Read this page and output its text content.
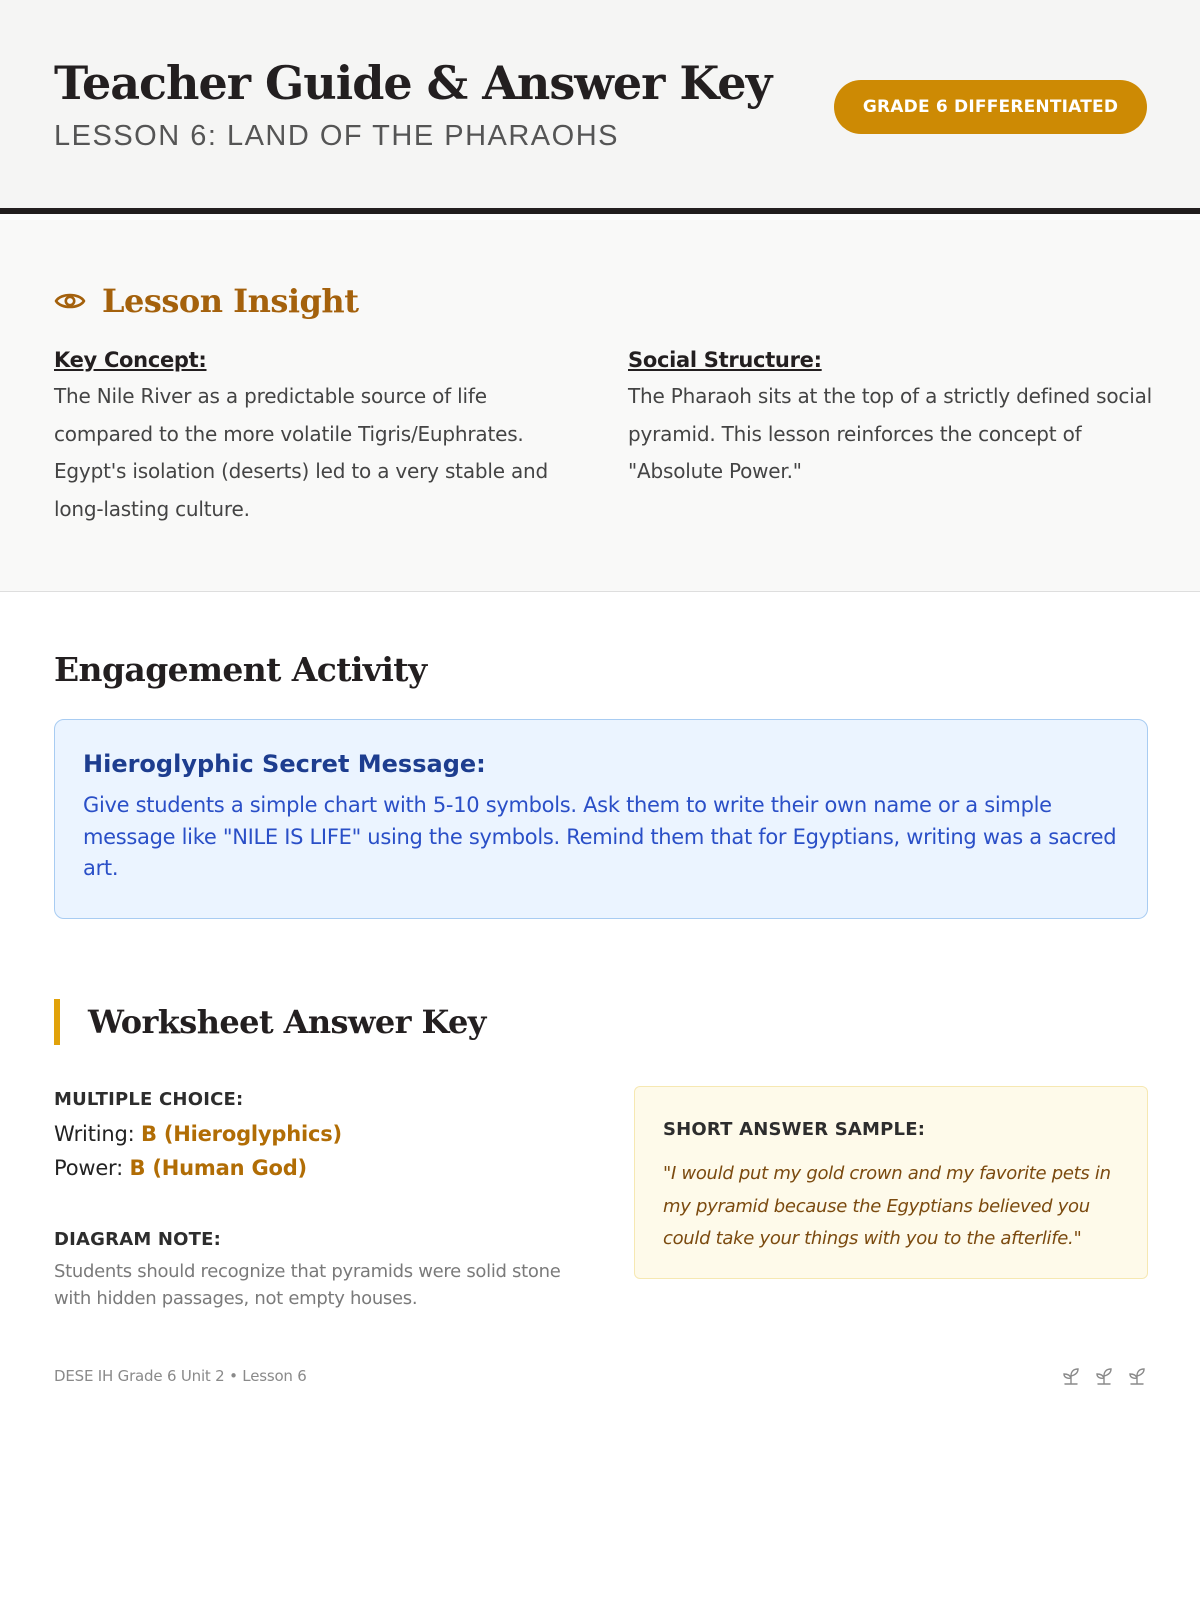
Teacher Guide & Answer Key
LESSON 6: LAND OF THE PHARAOHS
GRADE 6 DIFFERENTIATED
Lesson Insight
Key Concept:

The Nile River as a predictable source of life compared to the more volatile Tigris/Euphrates. Egypt's isolation (deserts) led to a very stable and long-lasting culture.

Social Structure:

The Pharaoh sits at the top of a strictly defined social pyramid. This lesson reinforces the concept of "Absolute Power."

Engagement Activity
Hieroglyphic Secret Message:

Give students a simple chart with 5-10 symbols. Ask them to write their own name or a simple message like "NILE IS LIFE" using the symbols. Remind them that for Egyptians, writing was a sacred art.

Worksheet Answer Key
MULTIPLE CHOICE:
Writing: B (Hieroglyphics)
Power: B (Human God)
DIAGRAM NOTE:

Students should recognize that pyramids were solid stone with hidden passages, not empty houses.

SHORT ANSWER SAMPLE:

"I would put my gold crown and my favorite pets in my pyramid because the Egyptians believed you could take your things with you to the afterlife."

DESE IH Grade 6 Unit 2 • Lesson 6
